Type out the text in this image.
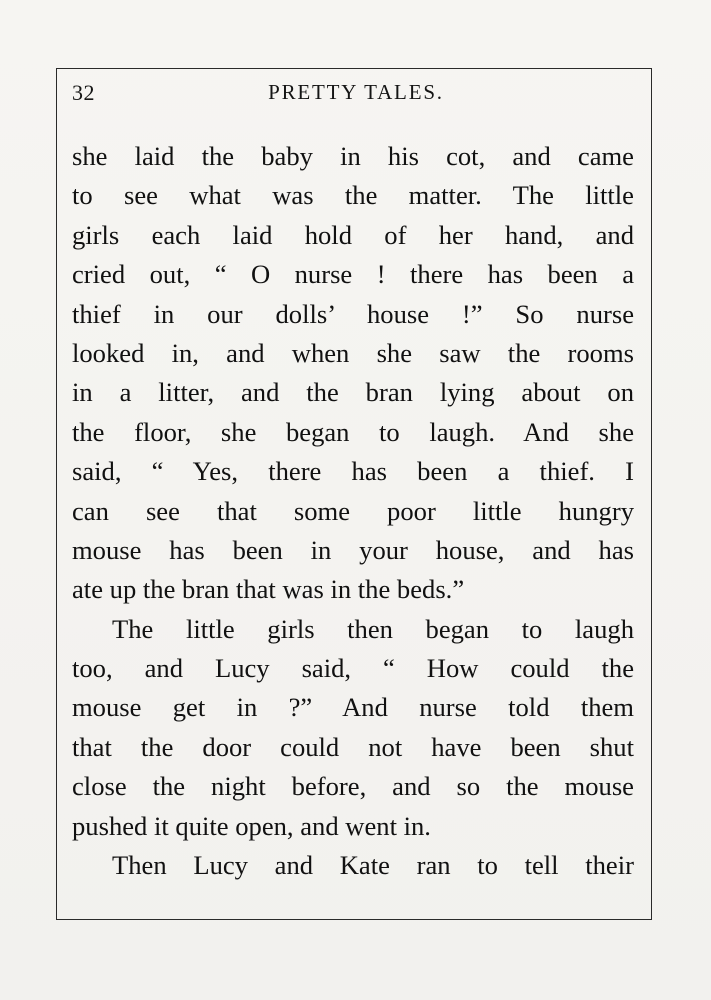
32	PRETTY TALES.
she laid the baby in his cot, and came
to see what was the matter. The little
girls each laid hold of her hand, and
cried out, “ O nurse ! there has been a
thief in our dolls’ house !” So nurse
looked in, and when she saw the rooms
in a litter, and the bran lying about on
the floor, she began to laugh. And she
said, “ Yes, there has been a thief. I
can see that some poor little hungry
mouse has been in your house, and has
ate up the bran that was in the beds.”
The little girls then began to laugh
too, and Lucy said, “ How could the
mouse get in ?” And nurse told them
that the door could not have been shut
close the night before, and so the mouse
pushed it quite open, and went in.
Then Lucy and Kate ran to tell their
